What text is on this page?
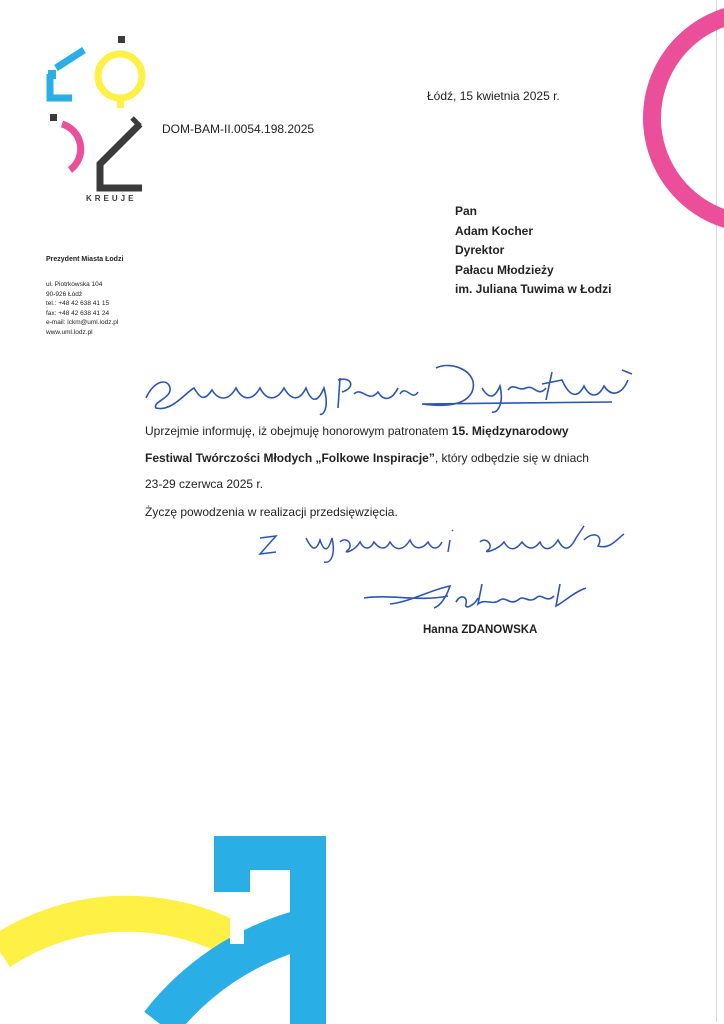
KREUJE
Prezydent Miasta Łodzi
ul. Piotrkowska 104
90-926 Łódź
tel.: +48 42 638 41 15
fax: +48 42 638 41 24
e-mail: lckm@uml.lodz.pl
www.uml.lodz.pl
DOM-BAM-II.0054.198.2025
Łódź, 15 kwietnia 2025 r.
Pan
Adam Kocher
Dyrektor
Pałacu Młodzieży
im. Juliana Tuwima w Łodzi

Uprzejmie informuję, iż obejmuję honorowym patronatem 15. Międzynarodowy
Festiwal Twórczości Młodych „Folkowe Inspiracje”, który odbędzie się w dniach
23-29 czerwca 2025 r.

Życzę powodzenia w realizacji przedsięwzięcia.

Hanna ZDANOWSKA
